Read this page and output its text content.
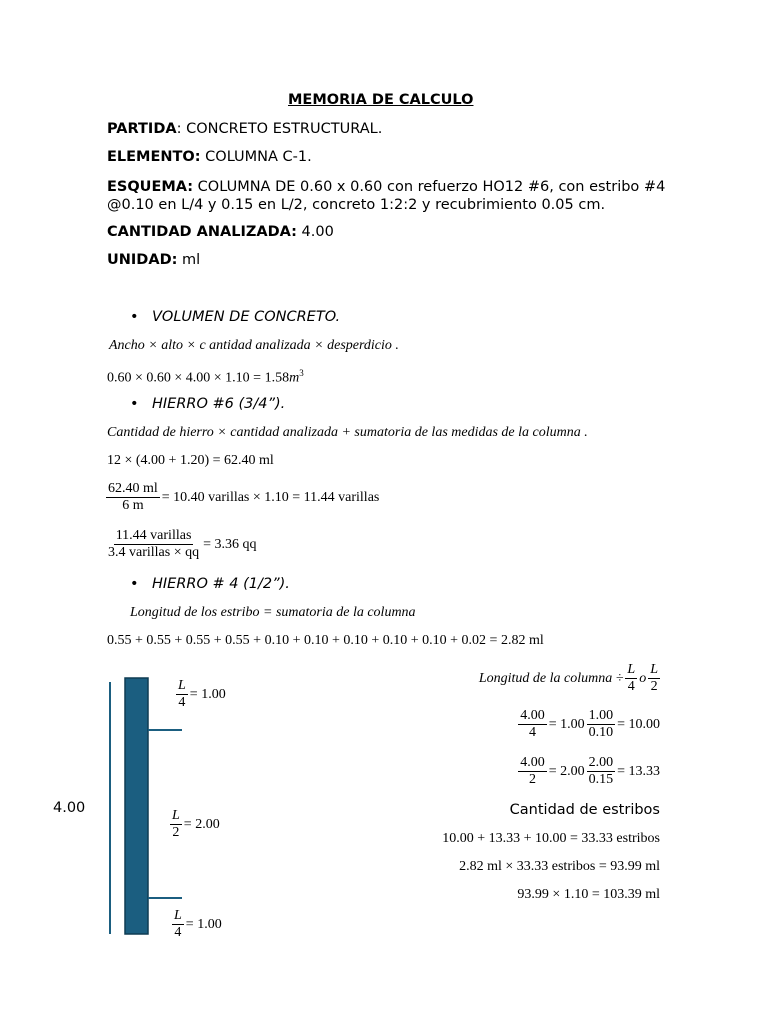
MEMORIA DE CALCULO
PARTIDA: CONCRETO ESTRUCTURAL.
ELEMENTO: COLUMNA C-1.
ESQUEMA: COLUMNA DE 0.60 x 0.60 con refuerzo HO12 #6, con estribo #4 @0.10 en L/4 y 0.15 en L/2, concreto 1:2:2 y recubrimiento 0.05 cm.
CANTIDAD ANALIZADA: 4.00
UNIDAD: ml
• VOLUMEN DE CONCRETO.
Ancho × alto × c antidad analizada × desperdicio .
$0.60 \times 0.60 \times 4.00 \times 1.10 = 1.58m^3$
• HIERRO #6 (3/4”).
Cantidad de hierro × cantidad analizada + sumatoria de las medidas de la columna .
12 × (4.00 + 1.20) = 62.40 ml
$\frac{62.40 ml}{6 m} = 10.40$ varillas × 1.10 = 11.44 varillas
$\frac{\text{11.44 varillas}}{\text{3.4 varillas × qq}} = 3.36$ qq
• HIERRO # 4 (1/2”).
Longitud de los estribo = sumatoria de la columna
0.55 + 0.55 + 0.55 + 0.55 + 0.10 + 0.10 + 0.10 + 0.10 + 0.10 + 0.02 = 2.82 ml
4.00
$\frac{L}{4} = 1.00$
$\frac{L}{2} = 2.00$
$\frac{L}{4} = 1.00$
Longitud de la columna ÷ $\frac{L}{4}$ o $\frac{L}{2}$
$\frac{4.00}{4} = 1.00 \frac{1.00}{0.10} = 10.00$
$\frac{4.00}{2} = 2.00 \frac{2.00}{0.15} = 13.33$
Cantidad de estribos
10.00 + 13.33 + 10.00 = 33.33 estribos
2.82 ml × 33.33 estribos = 93.99 ml
93.99 × 1.10 = 103.39 ml
